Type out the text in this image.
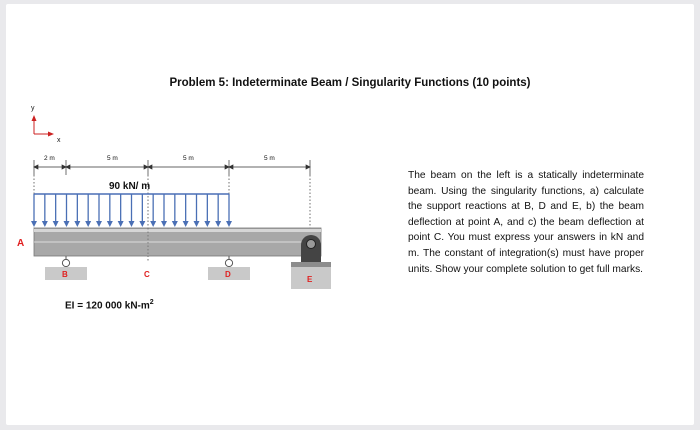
Problem 5: Indeterminate Beam / Singularity Functions (10 points)
y
x
2 m	5 m	5 m	5 m
90 kN/ m
A
B	C	D
E
EI = 120 000 $kN-m^2$
The beam on the left is a statically indeterminate beam. Using the singularity functions, a) calculate the support reactions at B, D and E, b) the beam deflection at point A, and c) the beam deflection at point C. You must express your answers in kN and m. The constant of integration(s) must have proper units. Show your complete solution to get full marks.
